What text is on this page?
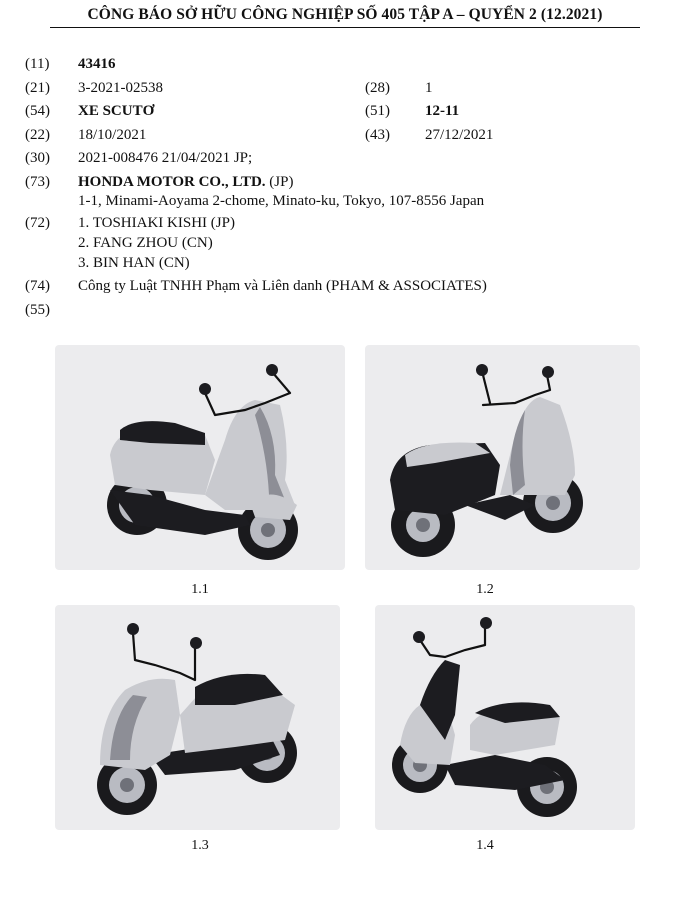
CÔNG BÁO SỞ HỮU CÔNG NGHIỆP SỐ 405 TẬP A – QUYỂN 2 (12.2021)
(11) 43416
(21) 3-2021-02538	(28) 1
(54) XE SCUTƠ	(51) 12-11
(22) 18/10/2021	(43) 27/12/2021
(30) 2021-008476 21/04/2021 JP;
(73) HONDA MOTOR CO., LTD. (JP)
1-1, Minami-Aoyama 2-chome, Minato-ku, Tokyo, 107-8556 Japan
(72) 1. TOSHIAKI KISHI (JP)
2. FANG ZHOU (CN)
3. BIN HAN (CN)
(74) Công ty Luật TNHH Phạm và Liên danh (PHAM & ASSOCIATES)
(55)
1.1	1.2
1.3	1.4
